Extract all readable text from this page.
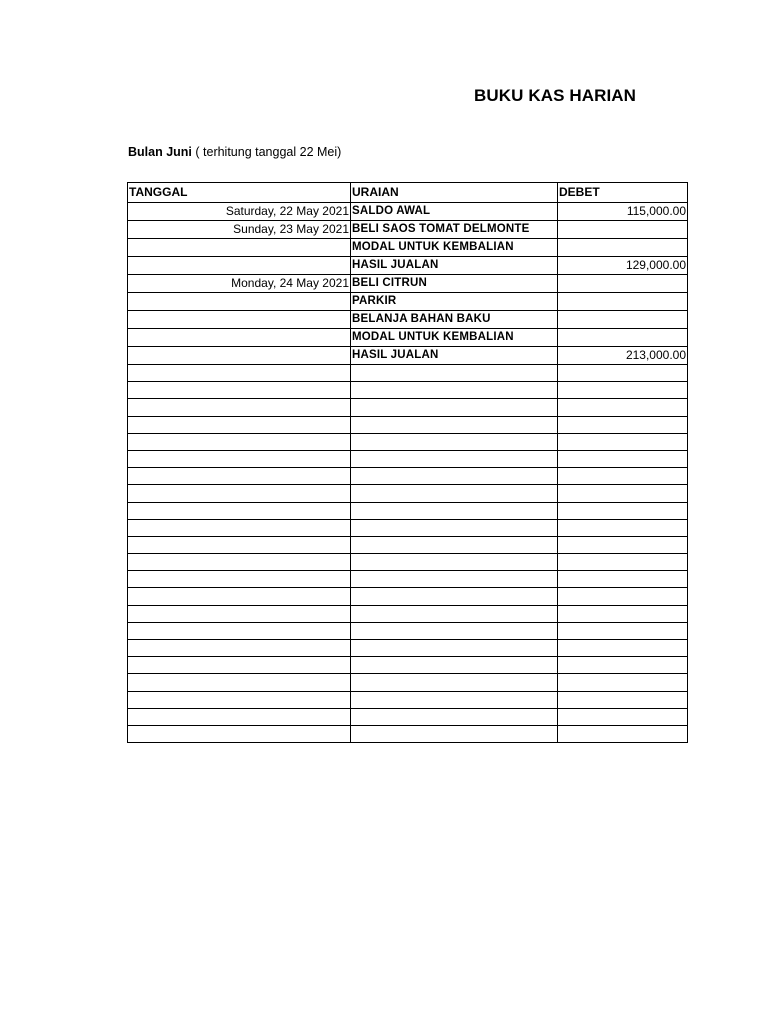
BUKU KAS HARIAN
Bulan Juni ( terhitung tanggal 22 Mei)
TANGGAL	URAIAN	DEBET
Saturday, 22 May 2021	SALDO AWAL	115,000.00
Sunday, 23 May 2021	BELI SAOS TOMAT DELMONTE	
	MODAL UNTUK KEMBALIAN	
	HASIL JUALAN	129,000.00
Monday, 24 May 2021	BELI CITRUN	
	PARKIR	
	BELANJA BAHAN BAKU	
	MODAL UNTUK KEMBALIAN	
	HASIL JUALAN	213,000.00
